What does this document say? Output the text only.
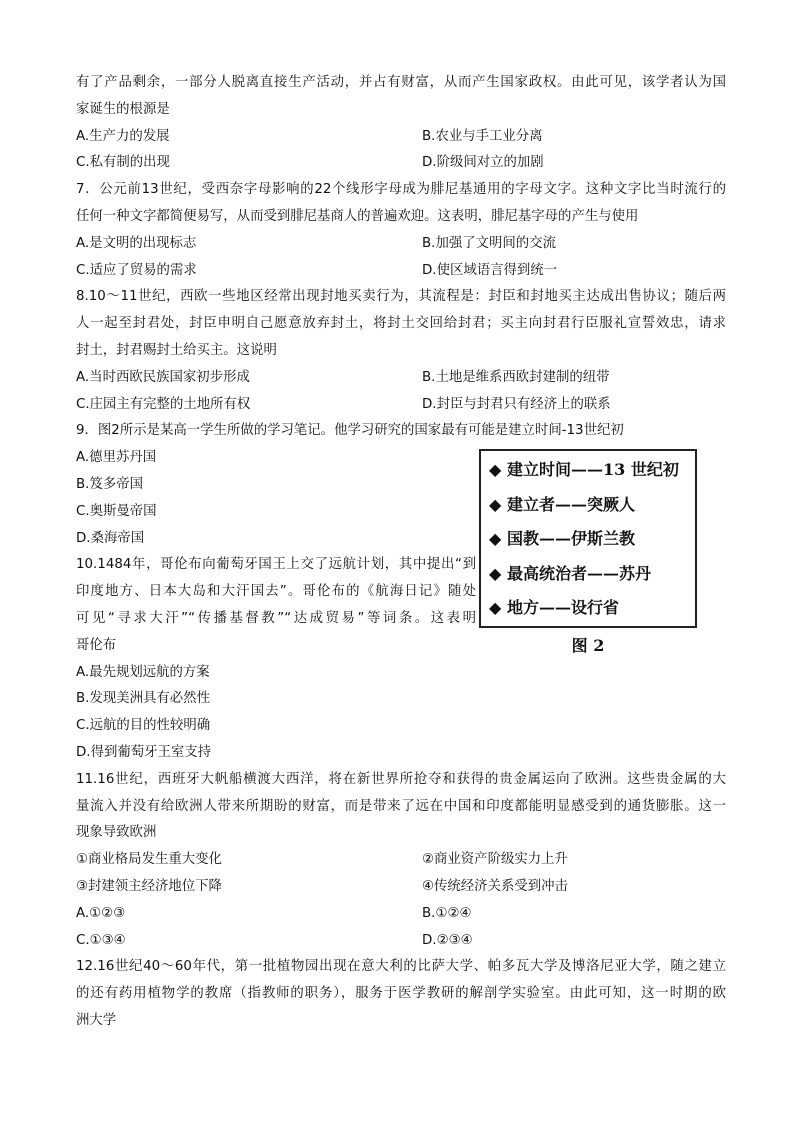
有了产品剩余，一部分人脱离直接生产活动，并占有财富，从而产生国家政权。由此可见，该学者认为国
家诞生的根源是
A.生产力的发展	B.农业与手工业分离
C.私有制的出现	D.阶级间对立的加剧
7．公元前13世纪，受西奈字母影响的22个线形字母成为腓尼基通用的字母文字。这种文字比当时流行的
任何一种文字都简便易写，从而受到腓尼基商人的普遍欢迎。这表明，腓尼基字母的产生与使用
A.是文明的出现标志	B.加强了文明间的交流
C.适应了贸易的需求	D.使区域语言得到统一
8.10～11世纪，西欧一些地区经常出现封地买卖行为，其流程是：封臣和封地买主达成出售协议；随后两
人一起至封君处，封臣申明自己愿意放弃封土，将封土交回给封君；买主向封君行臣服礼宣誓效忠，请求
封土，封君赐封土给买主。这说明
A.当时西欧民族国家初步形成	B.土地是维系西欧封建制的纽带
C.庄园主有完整的土地所有权	D.封臣与封君只有经济上的联系
9．图2所示是某高一学生所做的学习笔记。他学习研究的国家最有可能是建立时间-13世纪初
A.德里苏丹国
B.笈多帝国
C.奥斯曼帝国
D.桑海帝国
10.1484年，哥伦布向葡萄牙国王上交了远航计划，其中提出“到
印度地方、日本大岛和大汗国去”。哥伦布的《航海日记》随处
可见“寻求大汗”“传播基督教”“达成贸易”等词条。这表明
哥伦布
A.最先规划远航的方案
B.发现美洲具有必然性
C.远航的目的性较明确
D.得到葡萄牙王室支持
◆ 建立时间——13 世纪初
◆ 建立者——突厥人
◆ 国教——伊斯兰教
◆ 最高统治者——苏丹
◆ 地方——设行省
图 2
11.16世纪，西班牙大帆船横渡大西洋，将在新世界所抢夺和获得的贵金属运向了欧洲。这些贵金属的大
量流入并没有给欧洲人带来所期盼的财富，而是带来了远在中国和印度都能明显感受到的通货膨胀。这一
现象导致欧洲
①商业格局发生重大变化	②商业资产阶级实力上升
③封建领主经济地位下降	④传统经济关系受到冲击
A.①②③	B.①②④
C.①③④	D.②③④
12.16世纪40～60年代，第一批植物园出现在意大利的比萨大学、帕多瓦大学及博洛尼亚大学，随之建立
的还有药用植物学的教席（指教师的职务），服务于医学教研的解剖学实验室。由此可知，这一时期的欧
洲大学
